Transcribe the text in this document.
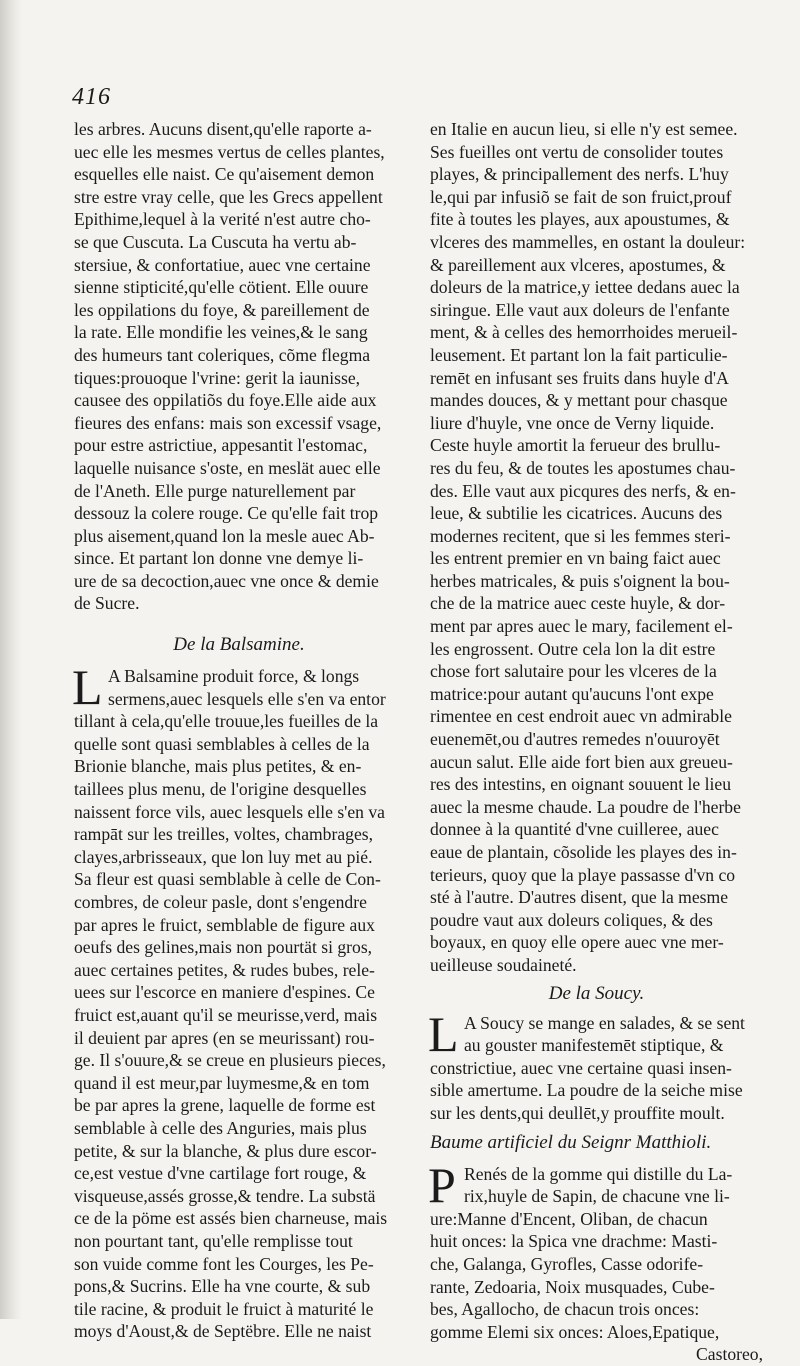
416
les arbres. Aucuns disent,qu'elle raporte a-
uec elle les mesmes vertus de celles plantes,
esquelles elle naist. Ce qu'aisement demon
stre estre vray celle, que les Grecs appellent
Epithime,lequel à la verité n'est autre cho-
se que Cuscuta. La Cuscuta ha vertu ab-
stersiue, & confortatiue, auec vne certaine
sienne stipticité,qu'elle cötient. Elle ouure
les oppilations du foye, & pareillement de
la rate. Elle mondifie les veines,& le sang
des humeurs tant coleriques, cõme flegma
tiques:prouoque l'vrine: gerit la iaunisse,
causee des oppilatiõs du foye.Elle aide aux
fieures des enfans: mais son excessif vsage,
pour estre astrictiue, appesantit l'estomac,
laquelle nuisance s'oste, en meslät auec elle
de l'Aneth. Elle purge naturellement par
dessouz la colere rouge. Ce qu'elle fait trop
plus aisement,quand lon la mesle auec Ab-
since. Et partant lon donne vne demye li-
ure de sa decoction,auec vne once & demie
de Sucre.
De la Balsamine.
L A Balsamine produit force, & longs
sermens,auec lesquels elle s'en va entor
tillant à cela,qu'elle trouue,les fueilles de la
quelle sont quasi semblables à celles de la
Brionie blanche, mais plus petites, & en-
taillees plus menu, de l'origine desquelles
naissent force vils, auec lesquels elle s'en va
rampāt sur les treilles, voltes, chambrages,
clayes,arbrisseaux, que lon luy met au pié.
Sa fleur est quasi semblable à celle de Con-
combres, de coleur pasle, dont s'engendre
par apres le fruict, semblable de figure aux
oeufs des gelines,mais non pourtät si gros,
auec certaines petites, & rudes bubes, rele-
uees sur l'escorce en maniere d'espines. Ce
fruict est,auant qu'il se meurisse,verd, mais
il deuient par apres (en se meurissant) rou-
ge. Il s'ouure,& se creue en plusieurs pieces,
quand il est meur,par luymesme,& en tom
be par apres la grene, laquelle de forme est
semblable à celle des Anguries, mais plus
petite, & sur la blanche, & plus dure escor-
ce,est vestue d'vne cartilage fort rouge, &
visqueuse,assés grosse,& tendre. La substä
ce de la pöme est assés bien charneuse, mais
non pourtant tant, qu'elle remplisse tout
son vuide comme font les Courges, les Pe-
pons,& Sucrins. Elle ha vne courte, & sub
tile racine, & produit le fruict à maturité le
moys d'Aoust,& de Septëbre. Elle ne naist
en Italie en aucun lieu, si elle n'y est semee.
Ses fueilles ont vertu de consolider toutes
playes, & principallement des nerfs. L'huy
le,qui par infusiõ se fait de son fruict,prouf
fite à toutes les playes, aux apoustumes, &
vlceres des mammelles, en ostant la douleur:
& pareillement aux vlceres, apostumes, &
doleurs de la matrice,y iettee dedans auec la
siringue. Elle vaut aux doleurs de l'enfante
ment, & à celles des hemorrhoides merueil-
leusement. Et partant lon la fait particulie-
remēt en infusant ses fruits dans huyle d'A
mandes douces, & y mettant pour chasque
liure d'huyle, vne once de Verny liquide.
Ceste huyle amortit la ferueur des brullu-
res du feu, & de toutes les apostumes chau-
des. Elle vaut aux picqures des nerfs, & en-
leue, & subtilie les cicatrices. Aucuns des
modernes recitent, que si les femmes steri-
les entrent premier en vn baing faict auec
herbes matricales, & puis s'oignent la bou-
che de la matrice auec ceste huyle, & dor-
ment par apres auec le mary, facilement el-
les engrossent. Outre cela lon la dit estre
chose fort salutaire pour les vlceres de la
matrice:pour autant qu'aucuns l'ont expe
rimentee en cest endroit auec vn admirable
euenemēt,ou d'autres remedes n'ouuroyēt
aucun salut. Elle aide fort bien aux greueu-
res des intestins, en oignant souuent le lieu
auec la mesme chaude. La poudre de l'herbe
donnee à la quantité d'vne cuilleree, auec
eaue de plantain, cõsolide les playes des in-
terieurs, quoy que la playe passasse d'vn co
sté à l'autre. D'autres disent, que la mesme
poudre vaut aux doleurs coliques, & des
boyaux, en quoy elle opere auec vne mer-
ueilleuse soudaineté.
De la Soucy.
L A Soucy se mange en salades, & se sent
au gouster manifestemēt stiptique, &
constrictiue, auec vne certaine quasi insen-
sible amertume. La poudre de la seiche mise
sur les dents,qui deullēt,y prouffite moult.
Baume artificiel du Seignr Matthioli.
P Renés de la gomme qui distille du La-
rix,huyle de Sapin, de chacune vne li-
ure:Manne d'Encent, Oliban, de chacun
huit onces: la Spica vne drachme: Masti-
che, Galanga, Gyrofles, Casse odorife-
rante, Zedoaria, Noix musquades, Cube-
bes, Agallocho, de chacun trois onces:
gomme Elemi six onces: Aloes,Epatique,
Castoreo,
